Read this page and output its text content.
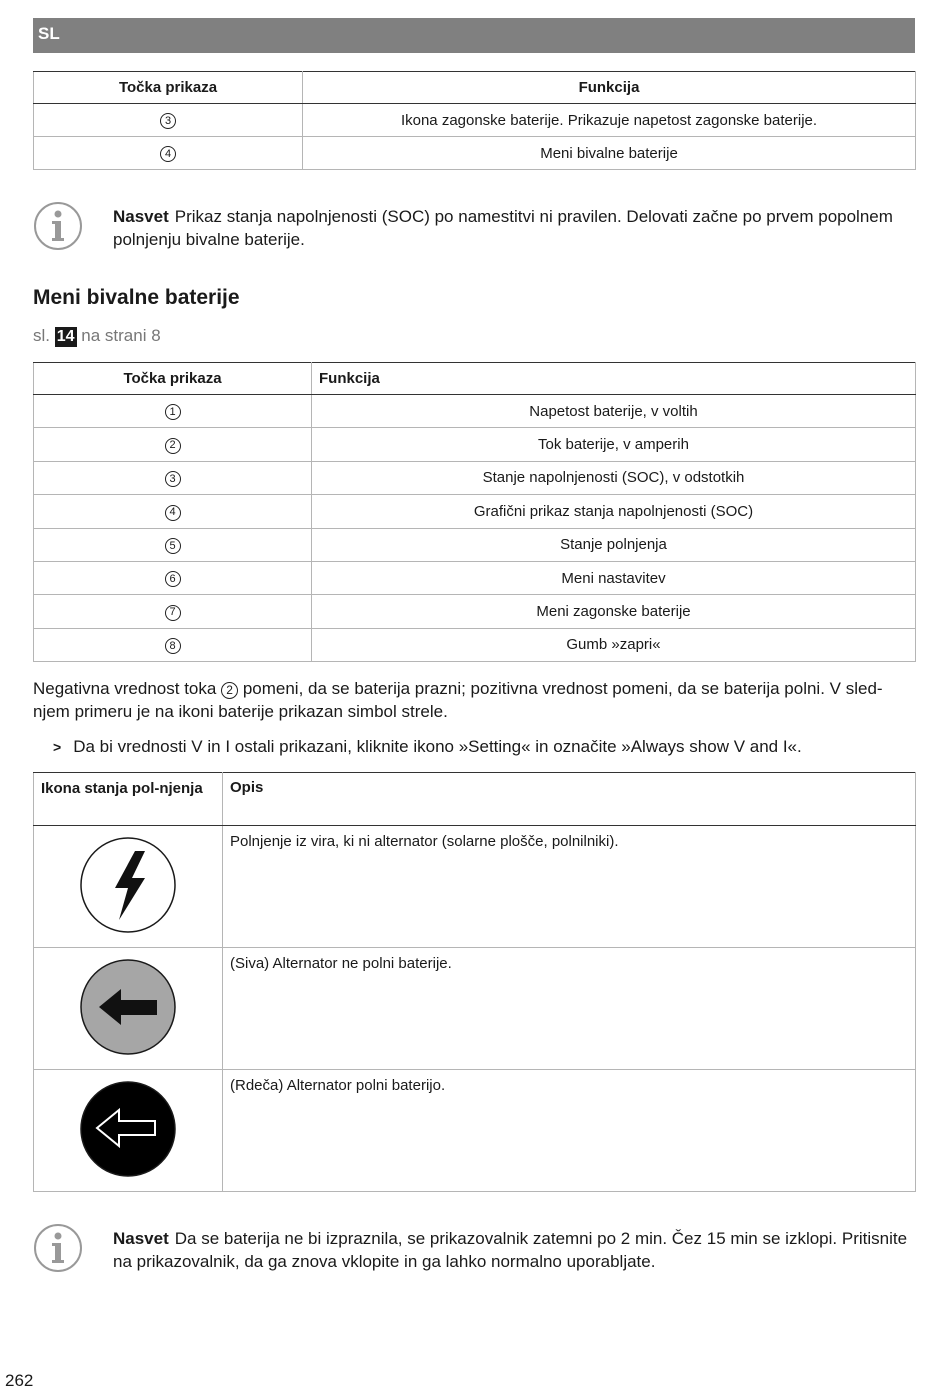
SL
Točka prikaza	Funkcija
3	Ikona zagonske baterije. Prikazuje napetost zagonske baterije.
4	Meni bivalne baterije
Nasvet Prikaz stanja napolnjenosti (SOC) po namestitvi ni pravilen. Delovati začne po prvem popolnem polnjenju bivalne baterije.
Meni bivalne baterije
sl. 14 na strani 8
Točka prikaza	Funkcija
1	Napetost baterije, v voltih
2	Tok baterije, v amperih
3	Stanje napolnjenosti (SOC), v odstotkih
4	Grafični prikaz stanja napolnjenosti (SOC)
5	Stanje polnjenja
6	Meni nastavitev
7	Meni zagonske baterije
8	Gumb »zapri«
Negativna vrednost toka 2 pomeni, da se baterija prazni; pozitivna vrednost pomeni, da se baterija polni. V sled-njem primeru je na ikoni baterije prikazan simbol strele.
> Da bi vrednosti V in I ostali prikazani, kliknite ikono »Setting« in označite »Always show V and I«.
Ikona stanja pol-njenja	Opis
	Polnjenje iz vira, ki ni alternator (solarne plošče, polnilniki).
	(Siva) Alternator ne polni baterije.
	(Rdeča) Alternator polni baterijo.
Nasvet Da se baterija ne bi izpraznila, se prikazovalnik zatemni po 2 min. Čez 15 min se izklopi. Pritisnite na prikazovalnik, da ga znova vklopite in ga lahko normalno uporabljate.
262
